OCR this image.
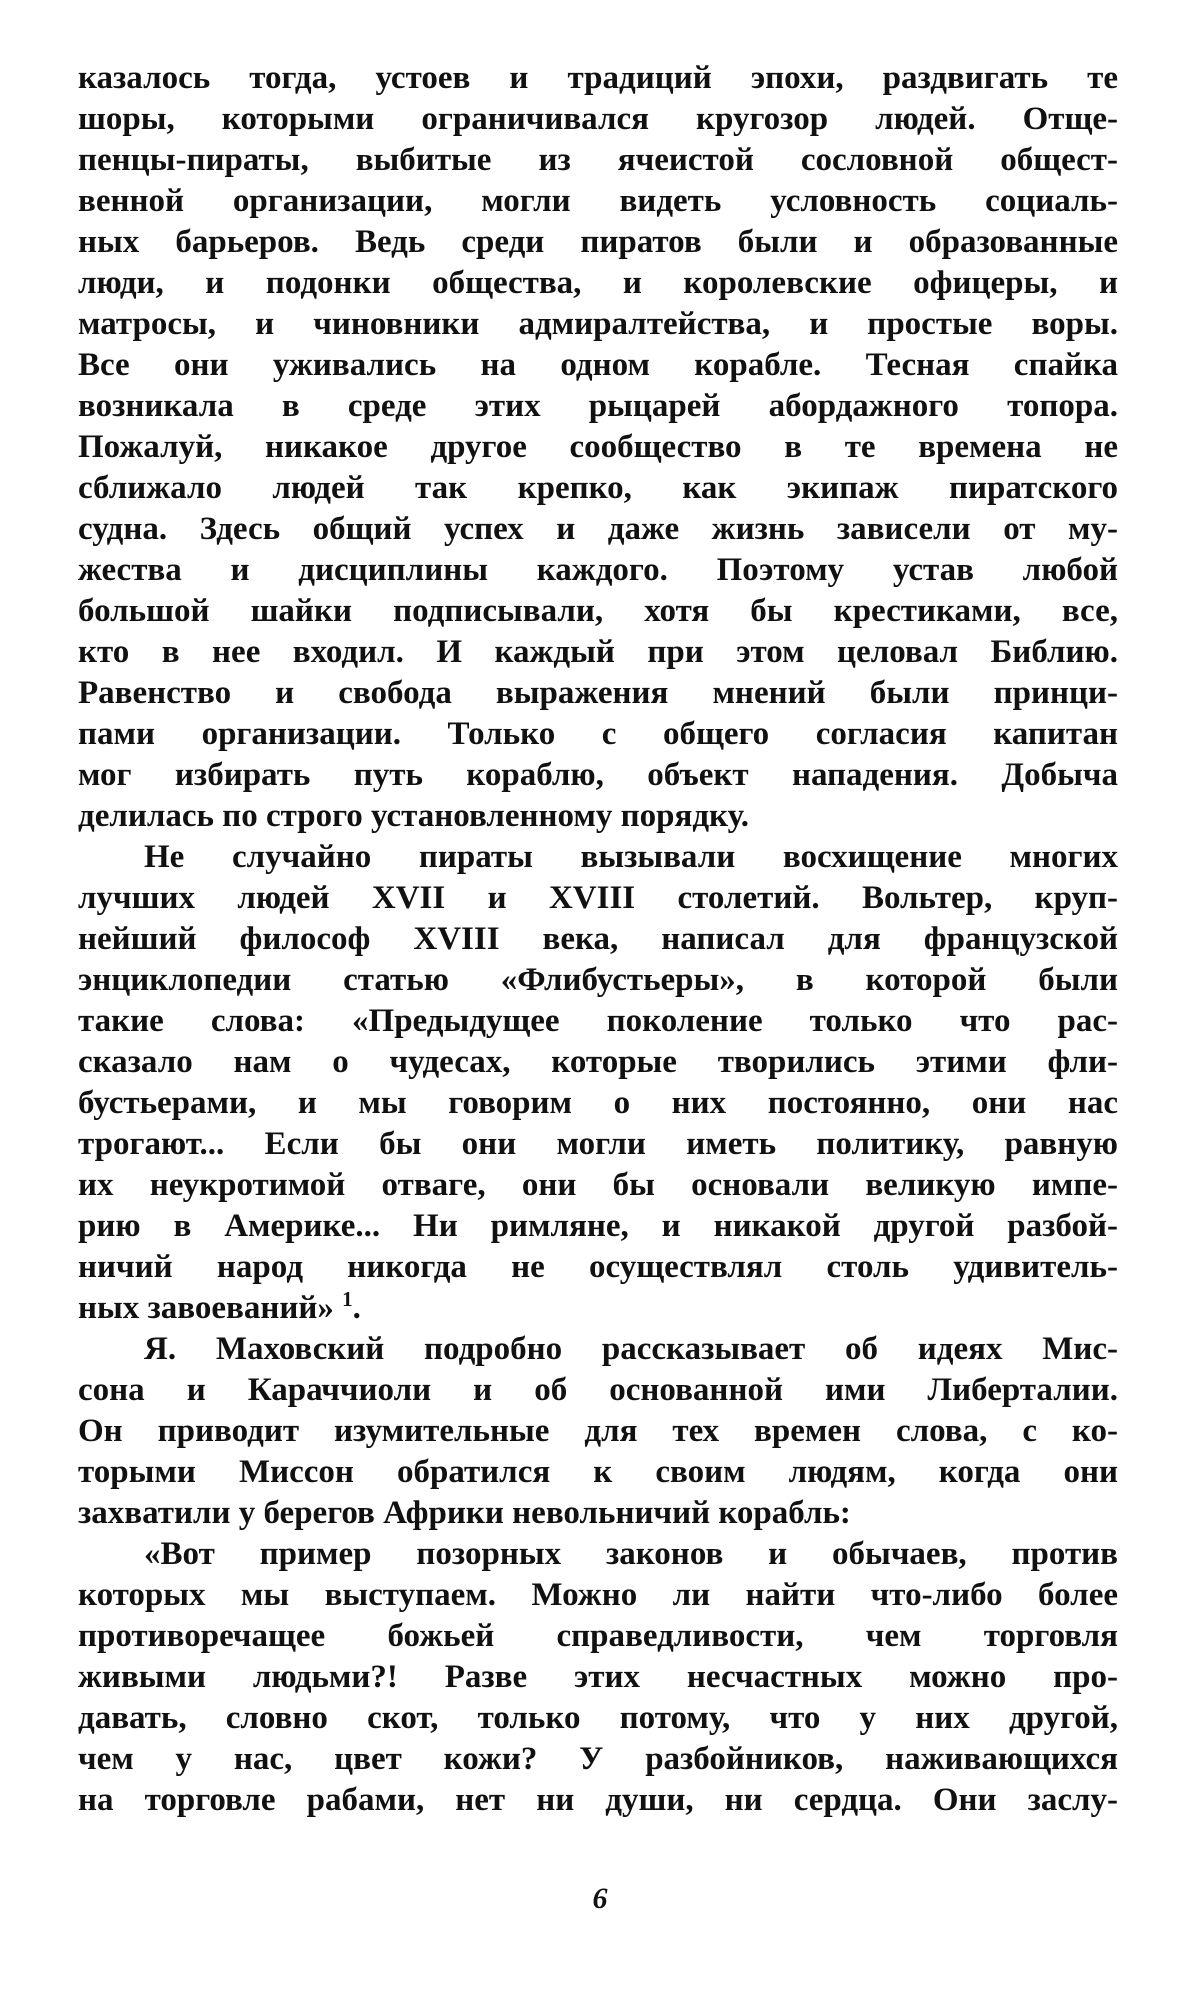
казалось тогда, устоев и традиций эпохи, раздвигать те
шоры, которыми ограничивался кругозор людей. Отще-
пенцы-пираты, выбитые из ячеистой сословной общест-
венной организации, могли видеть условность социаль-
ных барьеров. Ведь среди пиратов были и образованные
люди, и подонки общества, и королевские офицеры, и
матросы, и чиновники адмиралтейства, и простые воры.
Все они уживались на одном корабле. Тесная спайка
возникала в среде этих рыцарей абордажного топора.
Пожалуй, никакое другое сообщество в те времена не
сближало людей так крепко, как экипаж пиратского
судна. Здесь общий успех и даже жизнь зависели от му-
жества и дисциплины каждого. Поэтому устав любой
большой шайки подписывали, хотя бы крестиками, все,
кто в нее входил. И каждый при этом целовал Библию.
Равенство и свобода выражения мнений были принци-
пами организации. Только с общего согласия капитан
мог избирать путь кораблю, объект нападения. Добыча
делилась по строго установленному порядку.
Не случайно пираты вызывали восхищение многих
лучших людей XVII и XVIII столетий. Вольтер, круп-
нейший философ XVIII века, написал для французской
энциклопедии статью «Флибустьеры», в которой были
такие слова: «Предыдущее поколение только что рас-
сказало нам о чудесах, которые творились этими фли-
бустьерами, и мы говорим о них постоянно, они нас
трогают... Если бы они могли иметь политику, равную
их неукротимой отваге, они бы основали великую импе-
рию в Америке... Ни римляне, и никакой другой разбой-
ничий народ никогда не осуществлял столь удивитель-
ных завоеваний» $^1$.
Я. Маховский подробно рассказывает об идеях Мис-
сона и Караччиоли и об основанной ими Либерталии.
Он приводит изумительные для тех времен слова, с ко-
торыми Миссон обратился к своим людям, когда они
захватили у берегов Африки невольничий корабль:
«Вот пример позорных законов и обычаев, против
которых мы выступаем. Можно ли найти что-либо более
противоречащее божьей справедливости, чем торговля
живыми людьми?! Разве этих несчастных можно про-
давать, словно скот, только потому, что у них другой,
чем у нас, цвет кожи? У разбойников, наживающихся
на торговле рабами, нет ни души, ни сердца. Они заслу-
6
